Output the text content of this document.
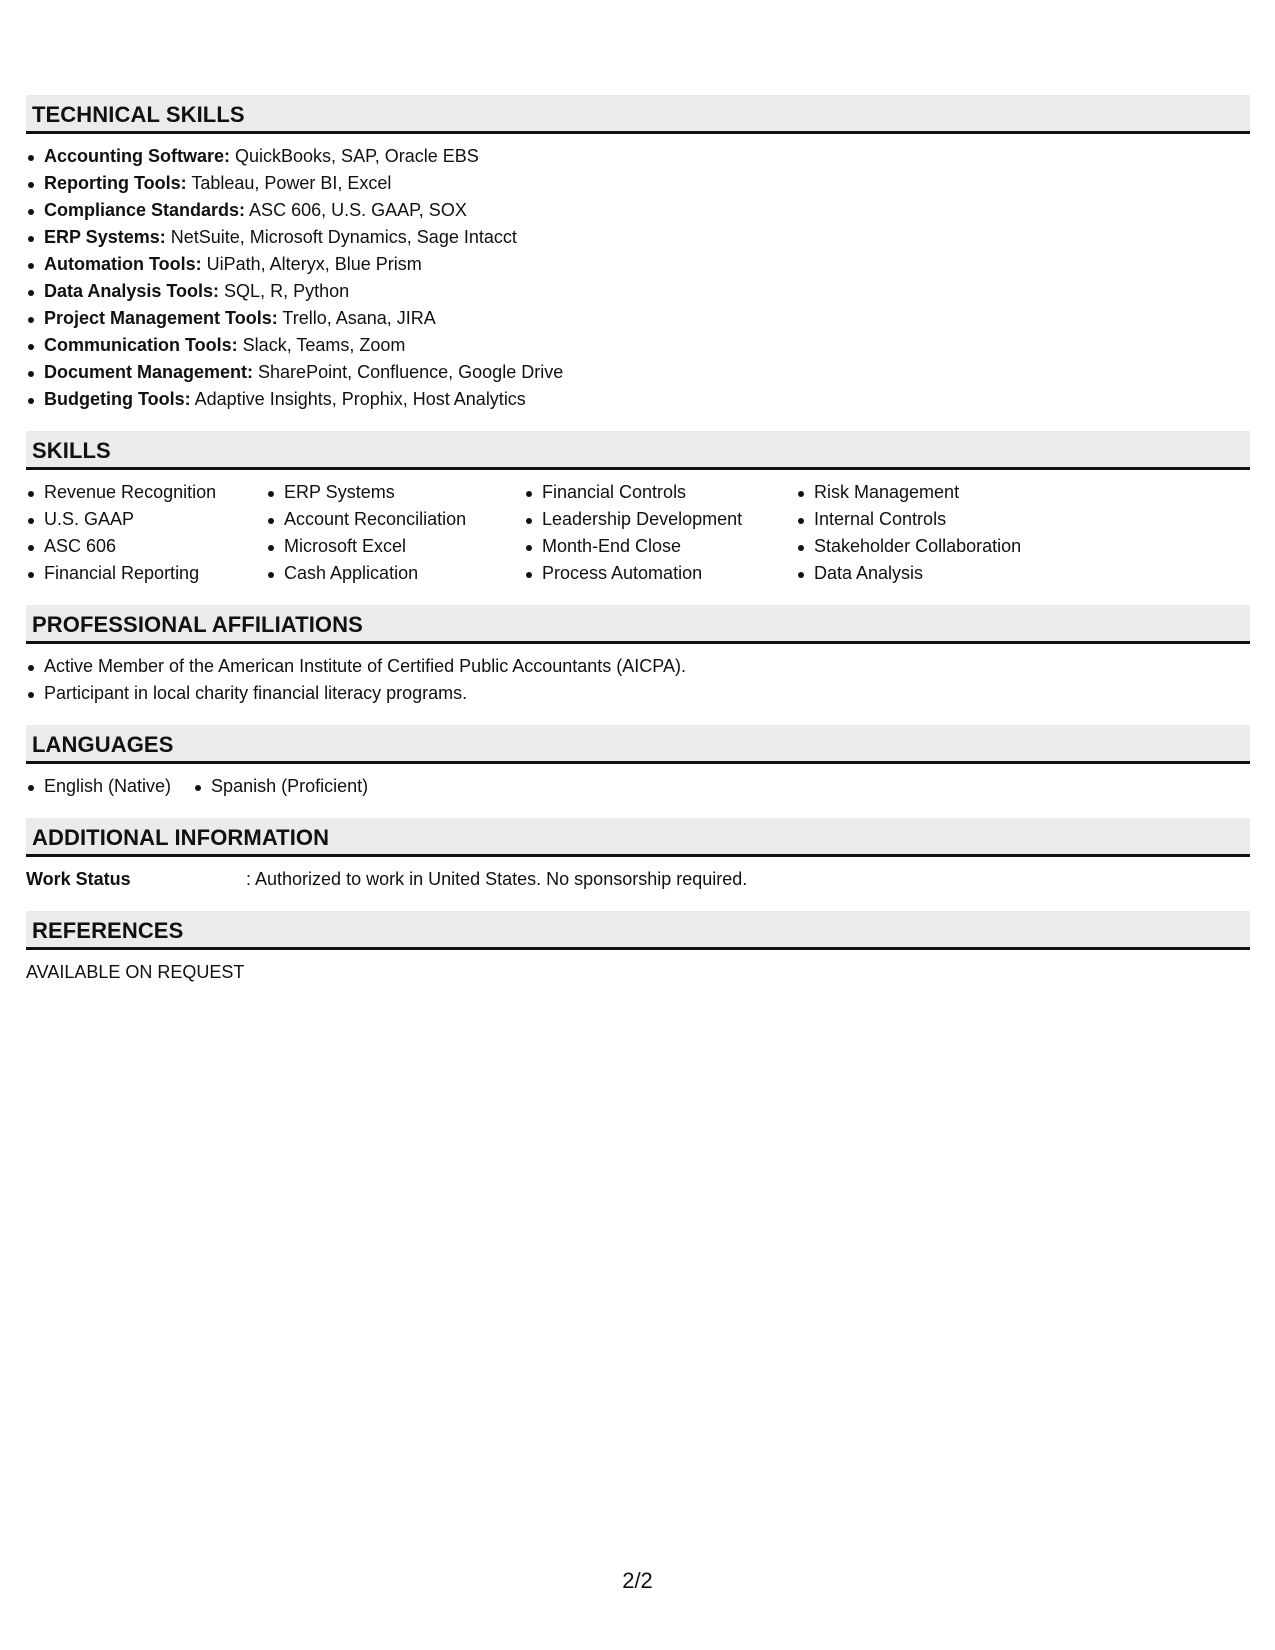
TECHNICAL SKILLS
Accounting Software: QuickBooks, SAP, Oracle EBS
Reporting Tools: Tableau, Power BI, Excel
Compliance Standards: ASC 606, U.S. GAAP, SOX
ERP Systems: NetSuite, Microsoft Dynamics, Sage Intacct
Automation Tools: UiPath, Alteryx, Blue Prism
Data Analysis Tools: SQL, R, Python
Project Management Tools: Trello, Asana, JIRA
Communication Tools: Slack, Teams, Zoom
Document Management: SharePoint, Confluence, Google Drive
Budgeting Tools: Adaptive Insights, Prophix, Host Analytics
SKILLS
Revenue Recognition
U.S. GAAP
ASC 606
Financial Reporting
ERP Systems
Account Reconciliation
Microsoft Excel
Cash Application
Financial Controls
Leadership Development
Month-End Close
Process Automation
Risk Management
Internal Controls
Stakeholder Collaboration
Data Analysis
PROFESSIONAL AFFILIATIONS
Active Member of the American Institute of Certified Public Accountants (AICPA).
Participant in local charity financial literacy programs.
LANGUAGES
English (Native)	Spanish (Proficient)
ADDITIONAL INFORMATION
Work Status	: Authorized to work in United States. No sponsorship required.
REFERENCES
AVAILABLE ON REQUEST
2/2
